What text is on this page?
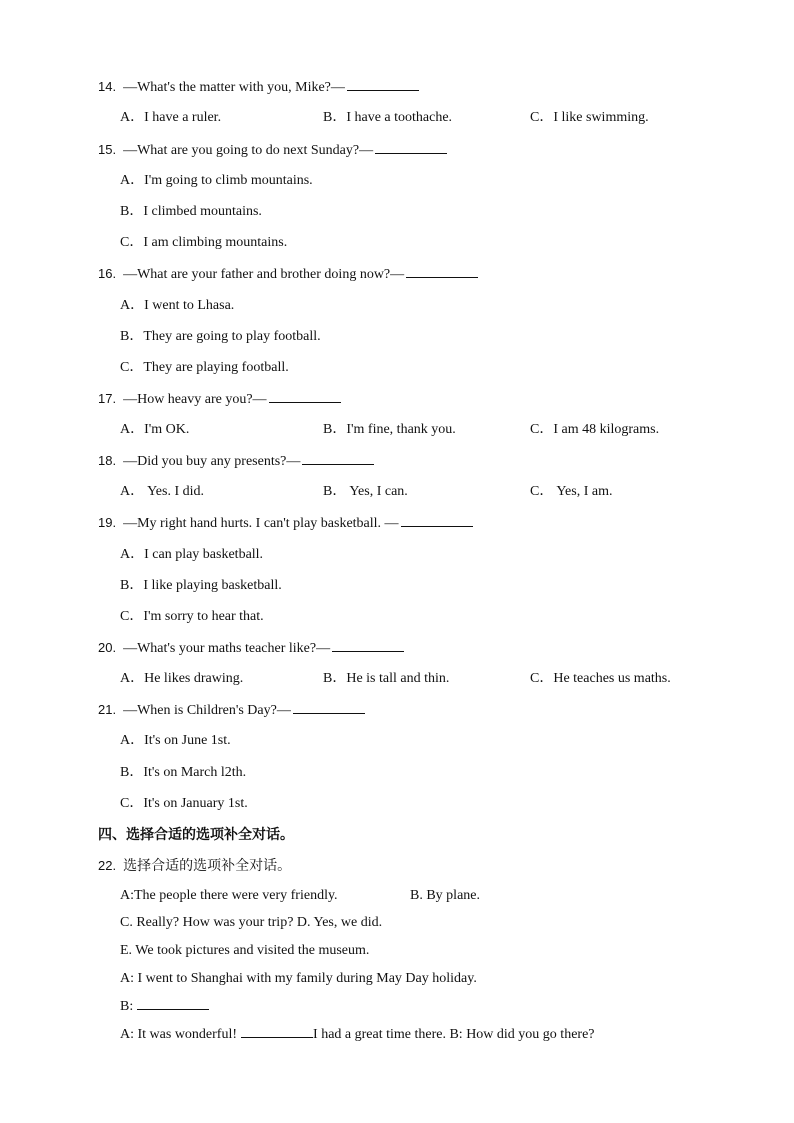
14. —What's the matter with you, Mike?—
A．I have a ruler.	B．I have a toothache.	C．I like swimming.
15. —What are you going to do next Sunday?—
A．I'm going to climb mountains.
B．I climbed mountains.
C．I am climbing mountains.
16. —What are your father and brother doing now?—
A．I went to Lhasa.
B．They are going to play football.
C．They are playing football.
17. —How heavy are you?—
A．I'm OK.	B．I'm fine, thank you.	C．I am 48 kilograms.
18. —Did you buy any presents?—
A． Yes. I did.	B． Yes, I can.	C． Yes, I am.
19. —My right hand hurts. I can't play basketball. —
A．I can play basketball.
B．I like playing basketball.
C．I'm sorry to hear that.
20. —What's your maths teacher like?—
A．He likes drawing.	B．He is tall and thin.	C．He teaches us maths.
21. —When is Children's Day?—
A．It's on June 1st.
B．It's on March l2th.
C．It's on January 1st.
四、选择合适的选项补全对话。
22. 选择合适的选项补全对话。
A:The people there were very friendly.	B. By plane.
C. Really? How was your trip? D. Yes, we did.
E. We took pictures and visited the museum.
A: I went to Shanghai with my family during May Day holiday.
B:
A: It was wonderful!	I had a great time there. B: How did you go there?
